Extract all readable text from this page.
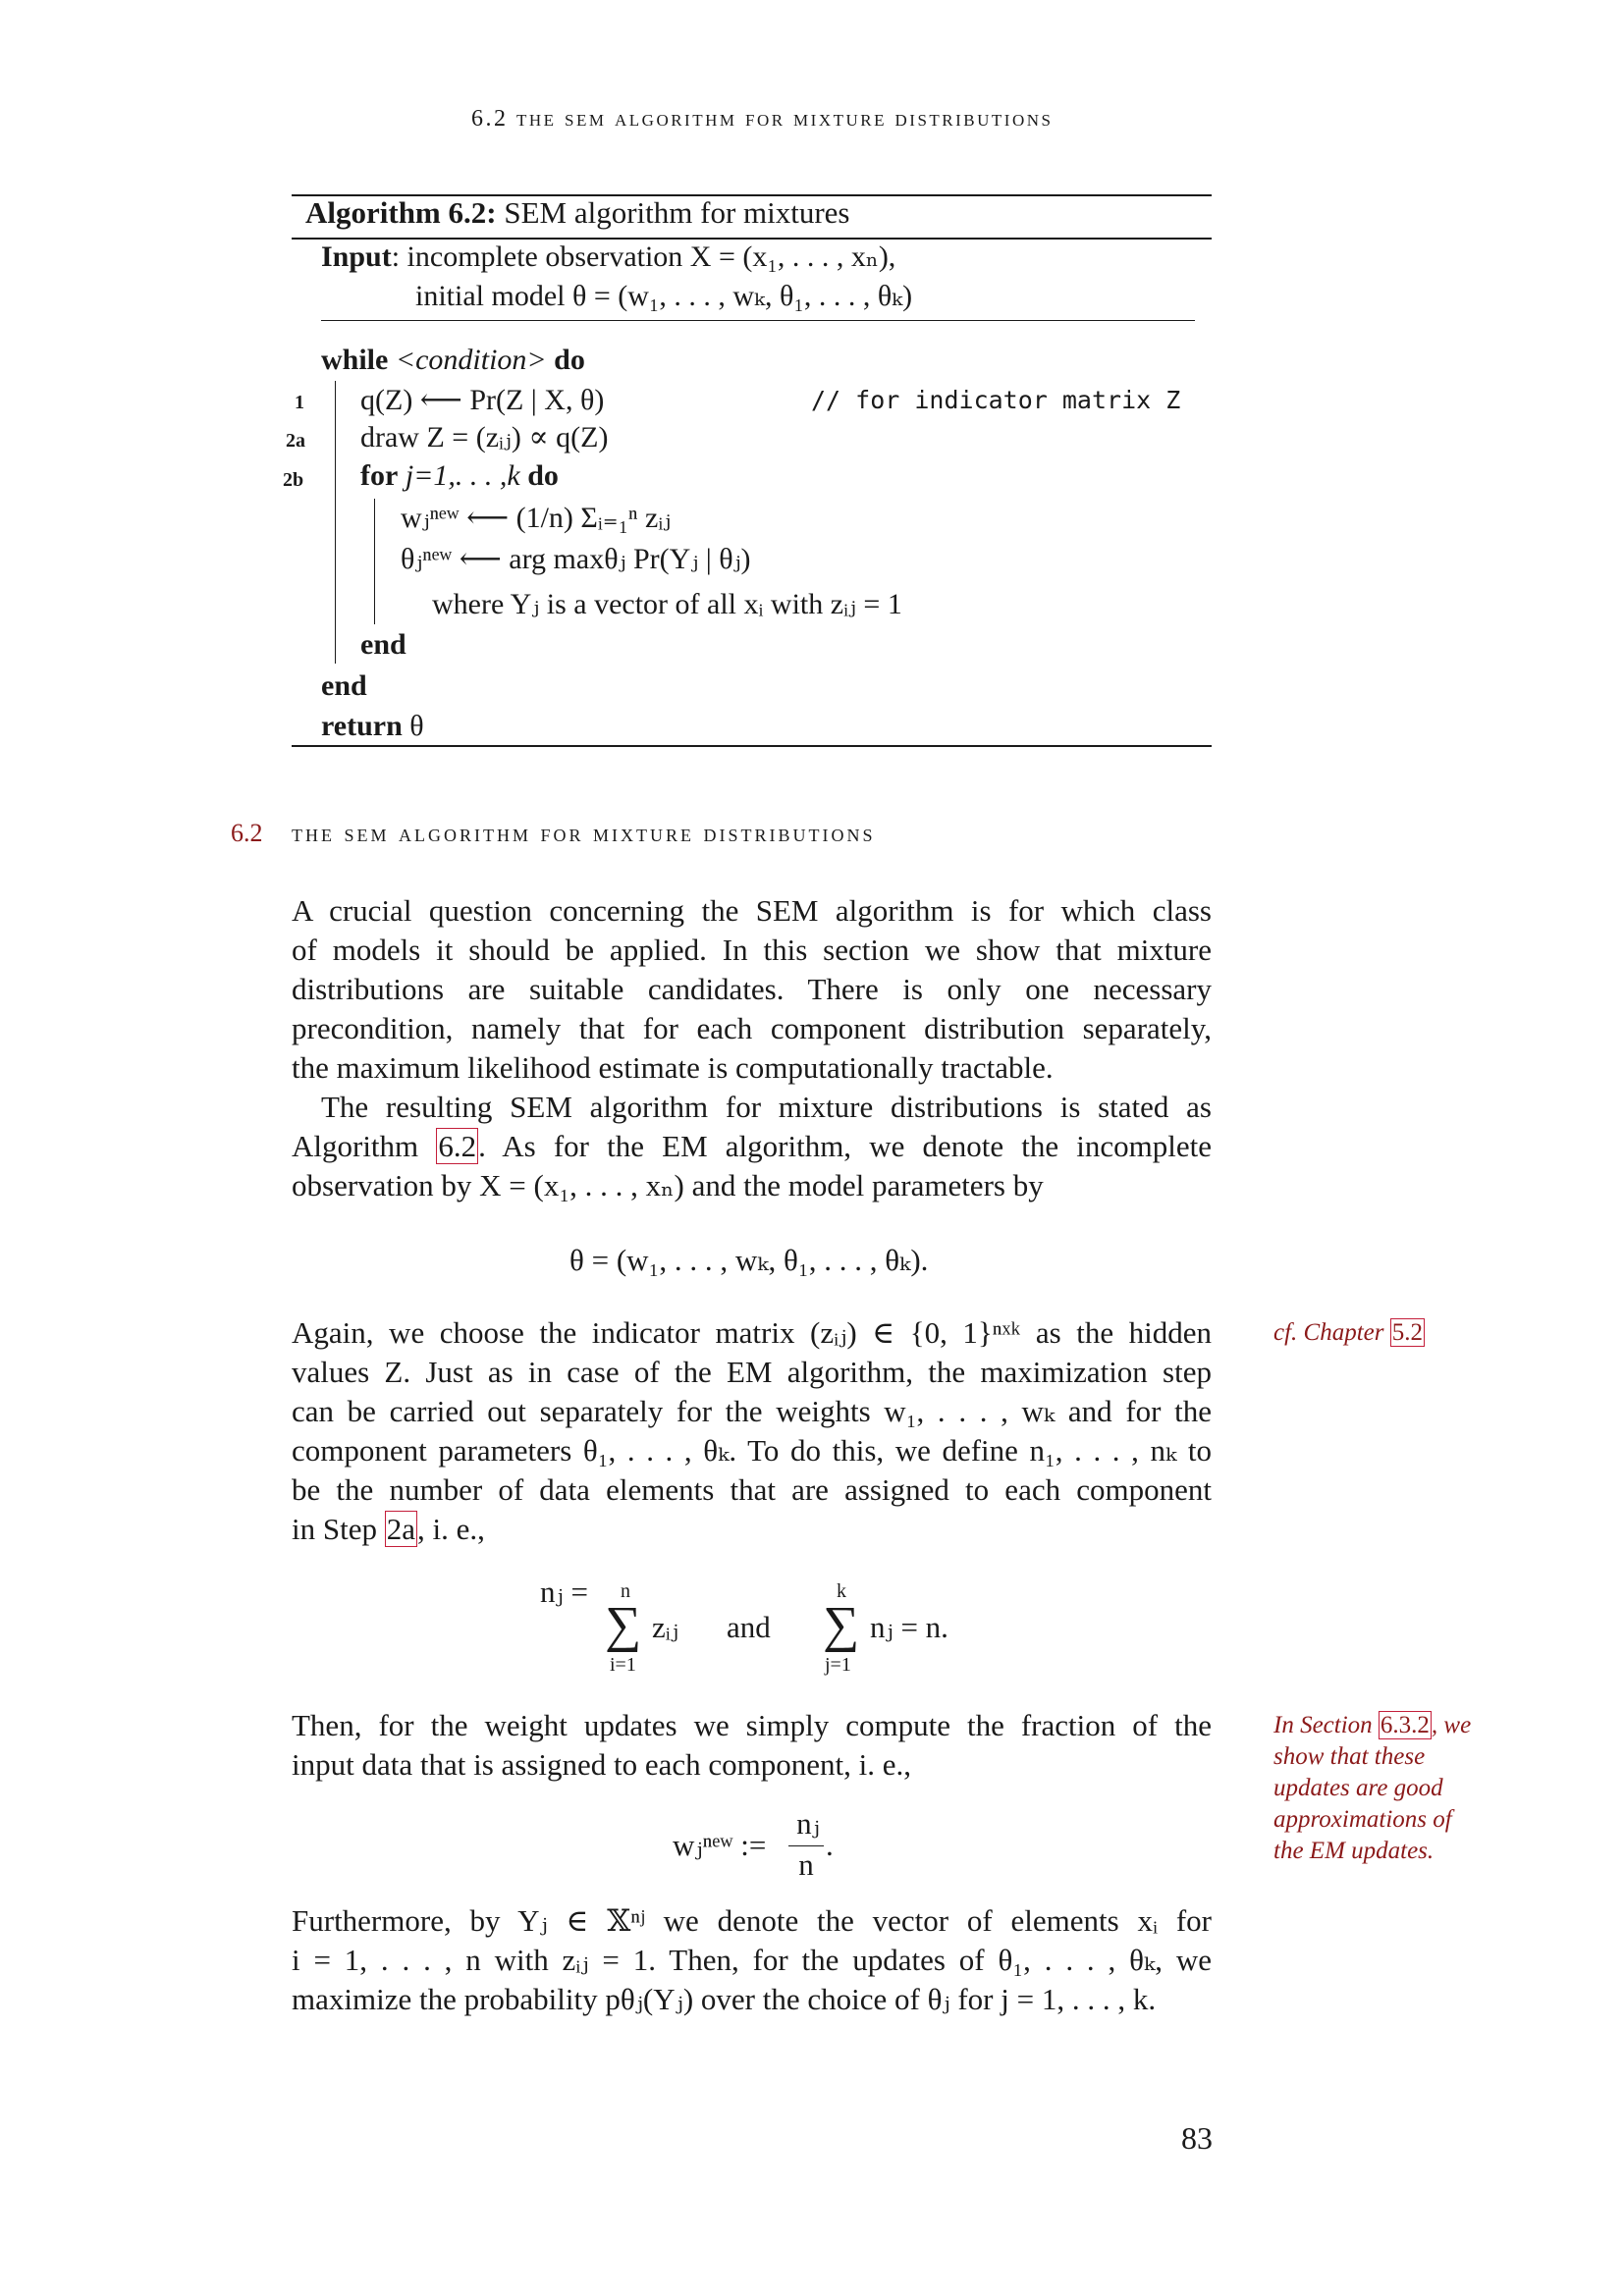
6.2 the sem algorithm for mixture distributions
Algorithm 6.2: SEM algorithm for mixtures
Input: incomplete observation X = (x₁, . . . , xₙ),
initial model θ = (w₁, . . . , wₖ, θ₁, . . . , θₖ)
while <condition> do
1 q(Z) ⟵ Pr(Z | X, θ)	// for indicator matrix Z
2a draw Z = (zᵢⱼ) ∝ q(Z)
2b for j=1,. . . ,k do
wⱼⁿᵉʷ ⟵ (1/n) Σᵢ₌₁ⁿ zᵢⱼ
θⱼⁿᵉʷ ⟵ arg maxθⱼ Pr(Yⱼ | θⱼ)
where Yⱼ is a vector of all xᵢ with zᵢⱼ = 1
end
end
return θ
6.2 the sem algorithm for mixture distributions
A crucial question concerning the SEM algorithm is for which class
of models it should be applied. In this section we show that mixture
distributions are suitable candidates. There is only one necessary
precondition, namely that for each component distribution separately,
the maximum likelihood estimate is computationally tractable.
The resulting SEM algorithm for mixture distributions is stated as
Algorithm 6.2. As for the EM algorithm, we denote the incomplete
observation by X = (x₁, . . . , xₙ) and the model parameters by
θ = (w₁, . . . , wₖ, θ₁, . . . , θₖ).
Again, we choose the indicator matrix (zᵢⱼ) ∈ {0, 1}ⁿˣᵏ as the hidden
values Z. Just as in case of the EM algorithm, the maximization step
can be carried out separately for the weights w₁, . . . , wₖ and for the
component parameters θ₁, . . . , θₖ. To do this, we define n₁, . . . , nₖ to
be the number of data elements that are assigned to each component
in Step 2a, i. e.,
cf. Chapter 5.2
nⱼ = n
∑
i=1
zᵢⱼ and
k
∑
j=1
nⱼ = n.
Then, for the weight updates we simply compute the fraction of the
input data that is assigned to each component, i. e.,
In Section 6.3.2, we
show that these
updates are good
approximations of
the EM updates.
wⱼⁿᵉʷ :=
nⱼ
n
.
Furthermore, by Yⱼ ∈ 𝕏ⁿʲ we denote the vector of elements xᵢ for
i = 1, . . . , n with zᵢⱼ = 1. Then, for the updates of θ₁, . . . , θₖ, we
maximize the probability pθⱼ(Yⱼ) over the choice of θⱼ for j = 1, . . . , k.
83
